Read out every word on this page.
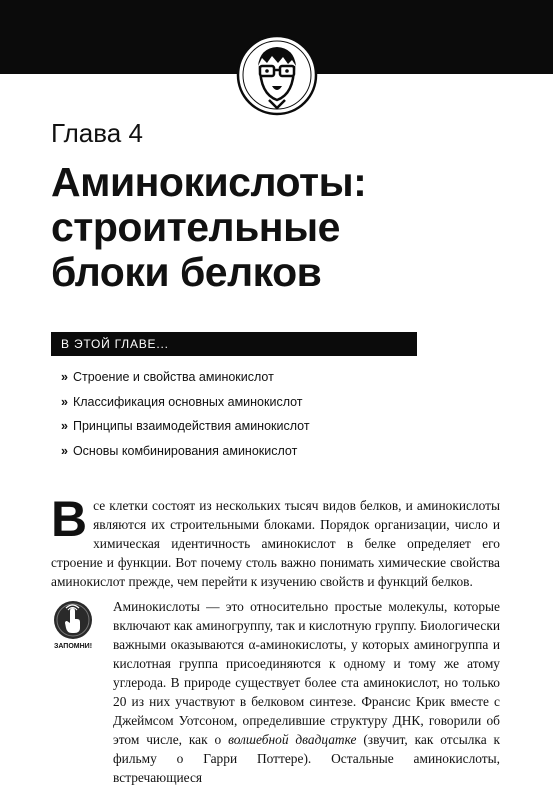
Глава 4
Аминокислоты:
строительные
блоки белков
В ЭТОЙ ГЛАВЕ...
» Строение и свойства аминокислот
» Классификация основных аминокислот
» Принципы взаимодействия аминокислот
» Основы комбинирования аминокислот

Все клетки состоят из нескольких тысяч видов белков, и аминокислоты являются их строительными блоками. Порядок организации, число и химическая идентичность аминокислот в белке определяет его строение и функции. Вот почему столь важно понимать химические свойства аминокислот прежде, чем перейти к изучению свойств и функций белков.

ЗАПОМНИ!

Аминокислоты — это относительно простые молекулы, которые включают как аминогруппу, так и кислотную группу. Биологически важными оказываются α-аминокислоты, у которых аминогруппа и кислотная группа присоединяются к одному и тому же атому углерода. В природе существует более ста аминокислот, но только 20 из них участвуют в белковом синтезе. Франсис Крик вместе с Джеймсом Уотсоном, определившие структуру ДНК, говорили об этом числе, как о волшебной двадцатке (звучит, как отсылка к фильму о Гарри Поттере). Остальные аминокислоты, встречающиеся
